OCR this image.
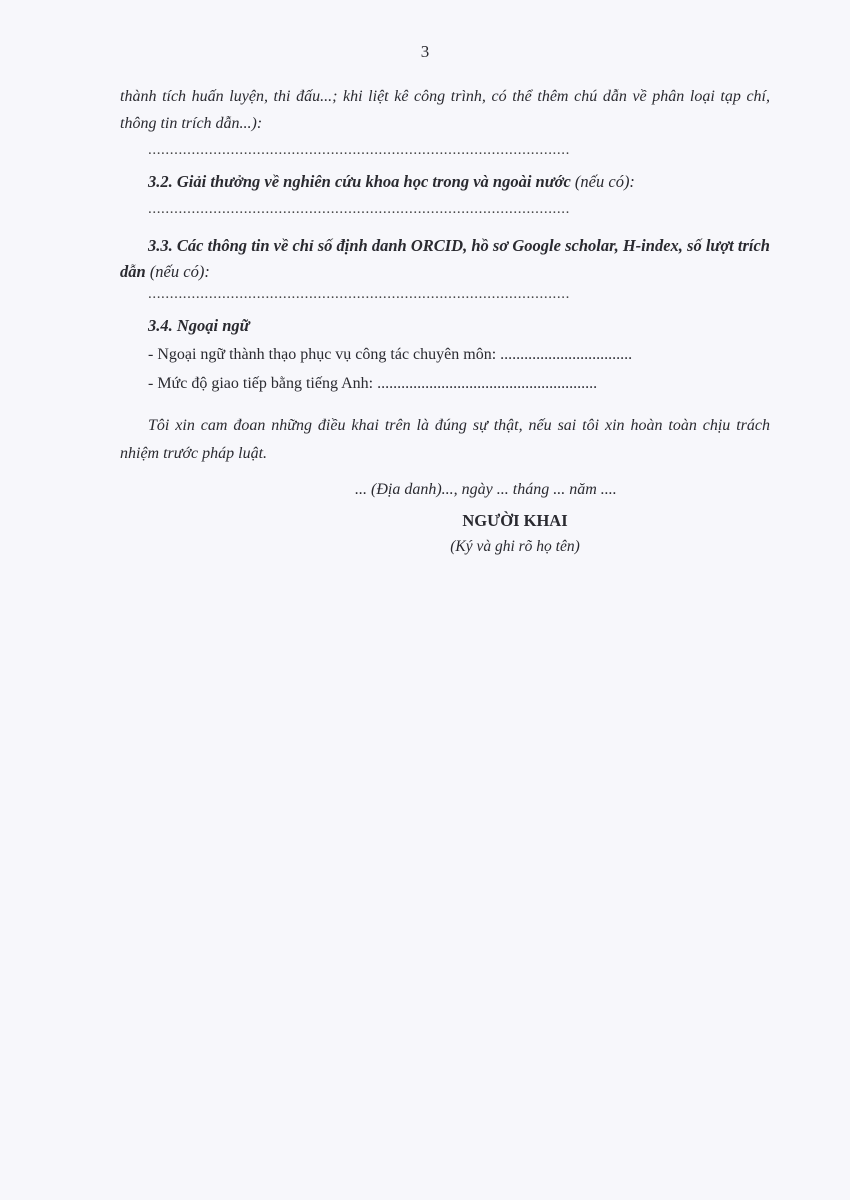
3
thành tích huấn luyện, thi đấu...; khi liệt kê công trình, có thể thêm chú dẫn về phân loại tạp chí, thông tin trích dẫn...):
.................................................................................................
3.2. Giải thưởng về nghiên cứu khoa học trong và ngoài nước (nếu có):
.................................................................................................
3.3. Các thông tin về chỉ số định danh ORCID, hồ sơ Google scholar, H-index, số lượt trích dẫn (nếu có):
.................................................................................................
3.4. Ngoại ngữ
- Ngoại ngữ thành thạo phục vụ công tác chuyên môn: .................................
- Mức độ giao tiếp bằng tiếng Anh: .......................................................
Tôi xin cam đoan những điều khai trên là đúng sự thật, nếu sai tôi xin hoàn toàn chịu trách nhiệm trước pháp luật.
... (Địa danh)..., ngày ... tháng ... năm ....
NGƯỜI KHAI
(Ký và ghi rõ họ tên)
